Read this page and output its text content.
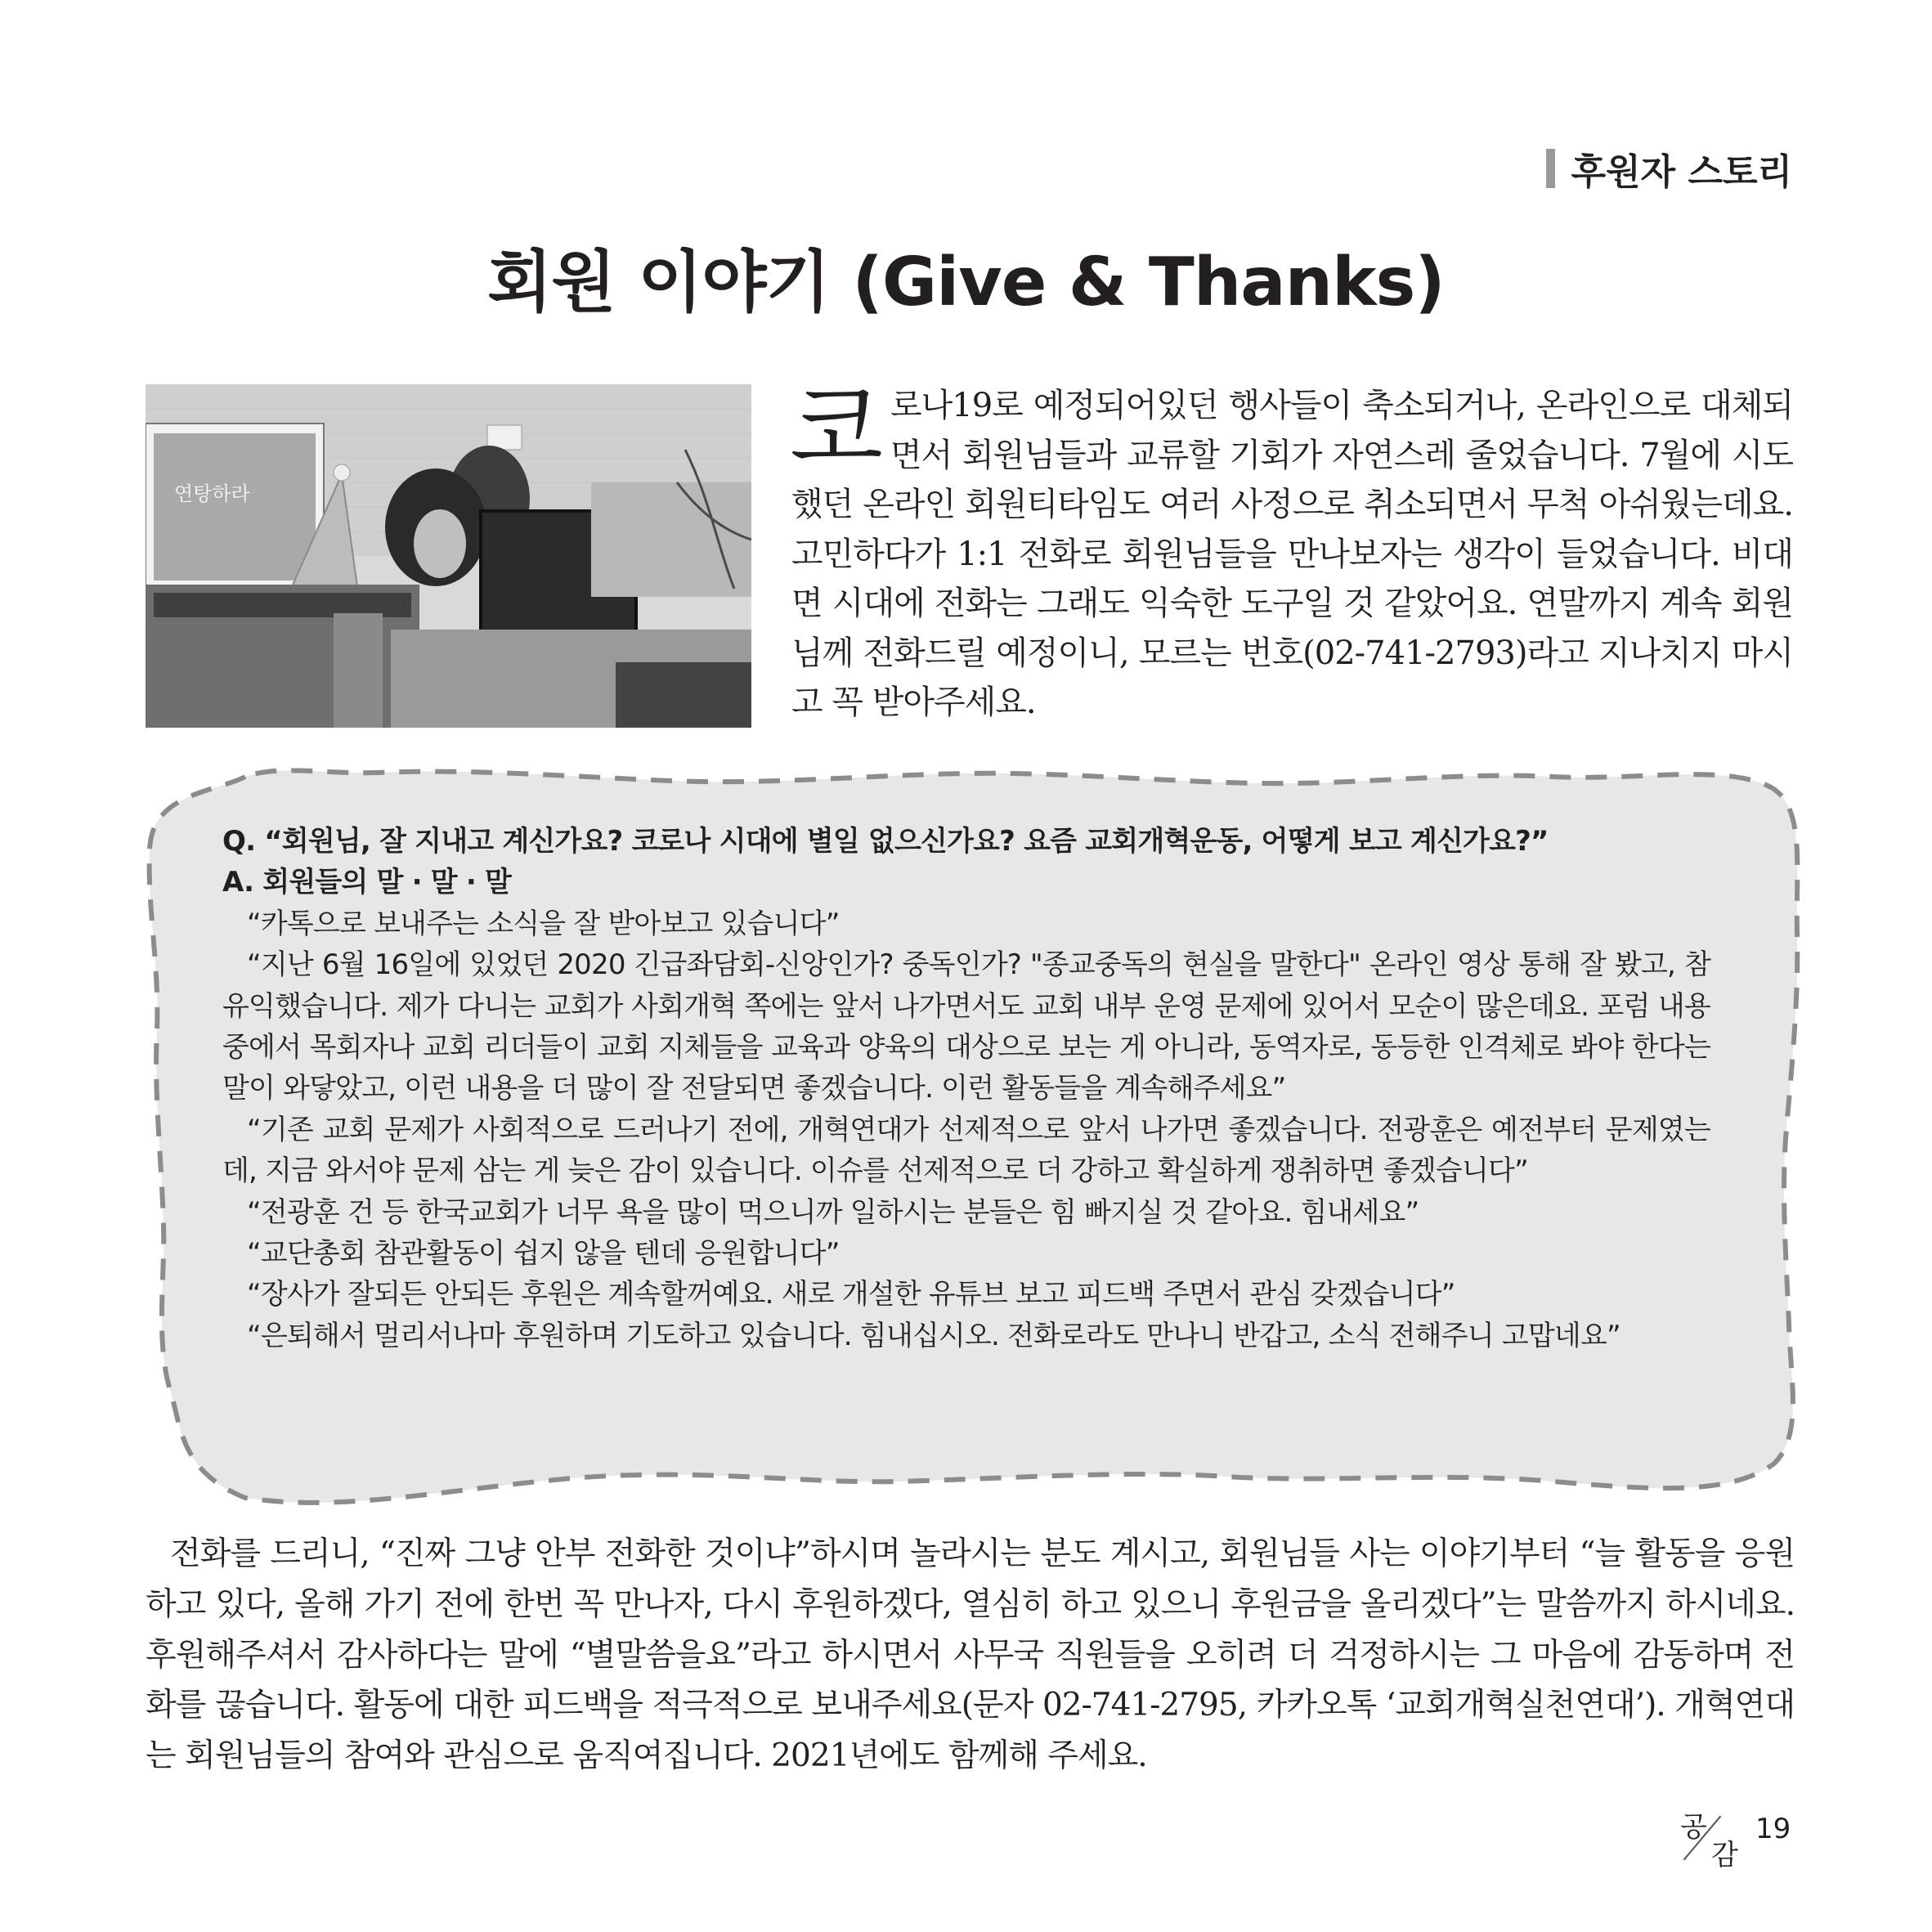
후원자 스토리
회원 이야기 (Give & Thanks)
연탕하라
코로나19로 예정되어있던 행사들이 축소되거나, 온라인으로 대체되면서 회원님들과 교류할 기회가 자연스레 줄었습니다. 7월에 시도했던 온라인 회원티타임도 여러 사정으로 취소되면서 무척 아쉬웠는데요. 고민하다가 1:1 전화로 회원님들을 만나보자는 생각이 들었습니다. 비대면 시대에 전화는 그래도 익숙한 도구일 것 같았어요. 연말까지 계속 회원님께 전화드릴 예정이니, 모르는 번호(02-741-2793)라고 지나치지 마시고 꼭 받아주세요.
Q. “회원님, 잘 지내고 계신가요? 코로나 시대에 별일 없으신가요? 요즘 교회개혁운동, 어떻게 보고 계신가요?”
A. 회원들의 말 · 말 · 말
“카톡으로 보내주는 소식을 잘 받아보고 있습니다”
“지난 6월 16일에 있었던 2020 긴급좌담회-신앙인가? 중독인가? "종교중독의 현실을 말한다" 온라인 영상 통해 잘 봤고, 참 유익했습니다. 제가 다니는 교회가 사회개혁 쪽에는 앞서 나가면서도 교회 내부 운영 문제에 있어서 모순이 많은데요. 포럼 내용 중에서 목회자나 교회 리더들이 교회 지체들을 교육과 양육의 대상으로 보는 게 아니라, 동역자로, 동등한 인격체로 봐야 한다는 말이 와닿았고, 이런 내용을 더 많이 잘 전달되면 좋겠습니다. 이런 활동들을 계속해주세요”
“기존 교회 문제가 사회적으로 드러나기 전에, 개혁연대가 선제적으로 앞서 나가면 좋겠습니다. 전광훈은 예전부터 문제였는데, 지금 와서야 문제 삼는 게 늦은 감이 있습니다. 이슈를 선제적으로 더 강하고 확실하게 쟁취하면 좋겠습니다”
“전광훈 건 등 한국교회가 너무 욕을 많이 먹으니까 일하시는 분들은 힘 빠지실 것 같아요. 힘내세요”
“교단총회 참관활동이 쉽지 않을 텐데 응원합니다”
“장사가 잘되든 안되든 후원은 계속할꺼예요. 새로 개설한 유튜브 보고 피드백 주면서 관심 갖겠습니다”
“은퇴해서 멀리서나마 후원하며 기도하고 있습니다. 힘내십시오. 전화로라도 만나니 반갑고, 소식 전해주니 고맙네요”
전화를 드리니, “진짜 그냥 안부 전화한 것이냐”하시며 놀라시는 분도 계시고, 회원님들 사는 이야기부터 “늘 활동을 응원하고 있다, 올해 가기 전에 한번 꼭 만나자, 다시 후원하겠다, 열심히 하고 있으니 후원금을 올리겠다”는 말씀까지 하시네요. 후원해주셔서 감사하다는 말에 “별말씀을요”라고 하시면서 사무국 직원들을 오히려 더 걱정하시는 그 마음에 감동하며 전화를 끊습니다. 활동에 대한 피드백을 적극적으로 보내주세요(문자 02-741-2795, 카카오톡 ‘교회개혁실천연대’). 개혁연대는 회원님들의 참여와 관심으로 움직여집니다. 2021년에도 함께해 주세요.
공
감
19
